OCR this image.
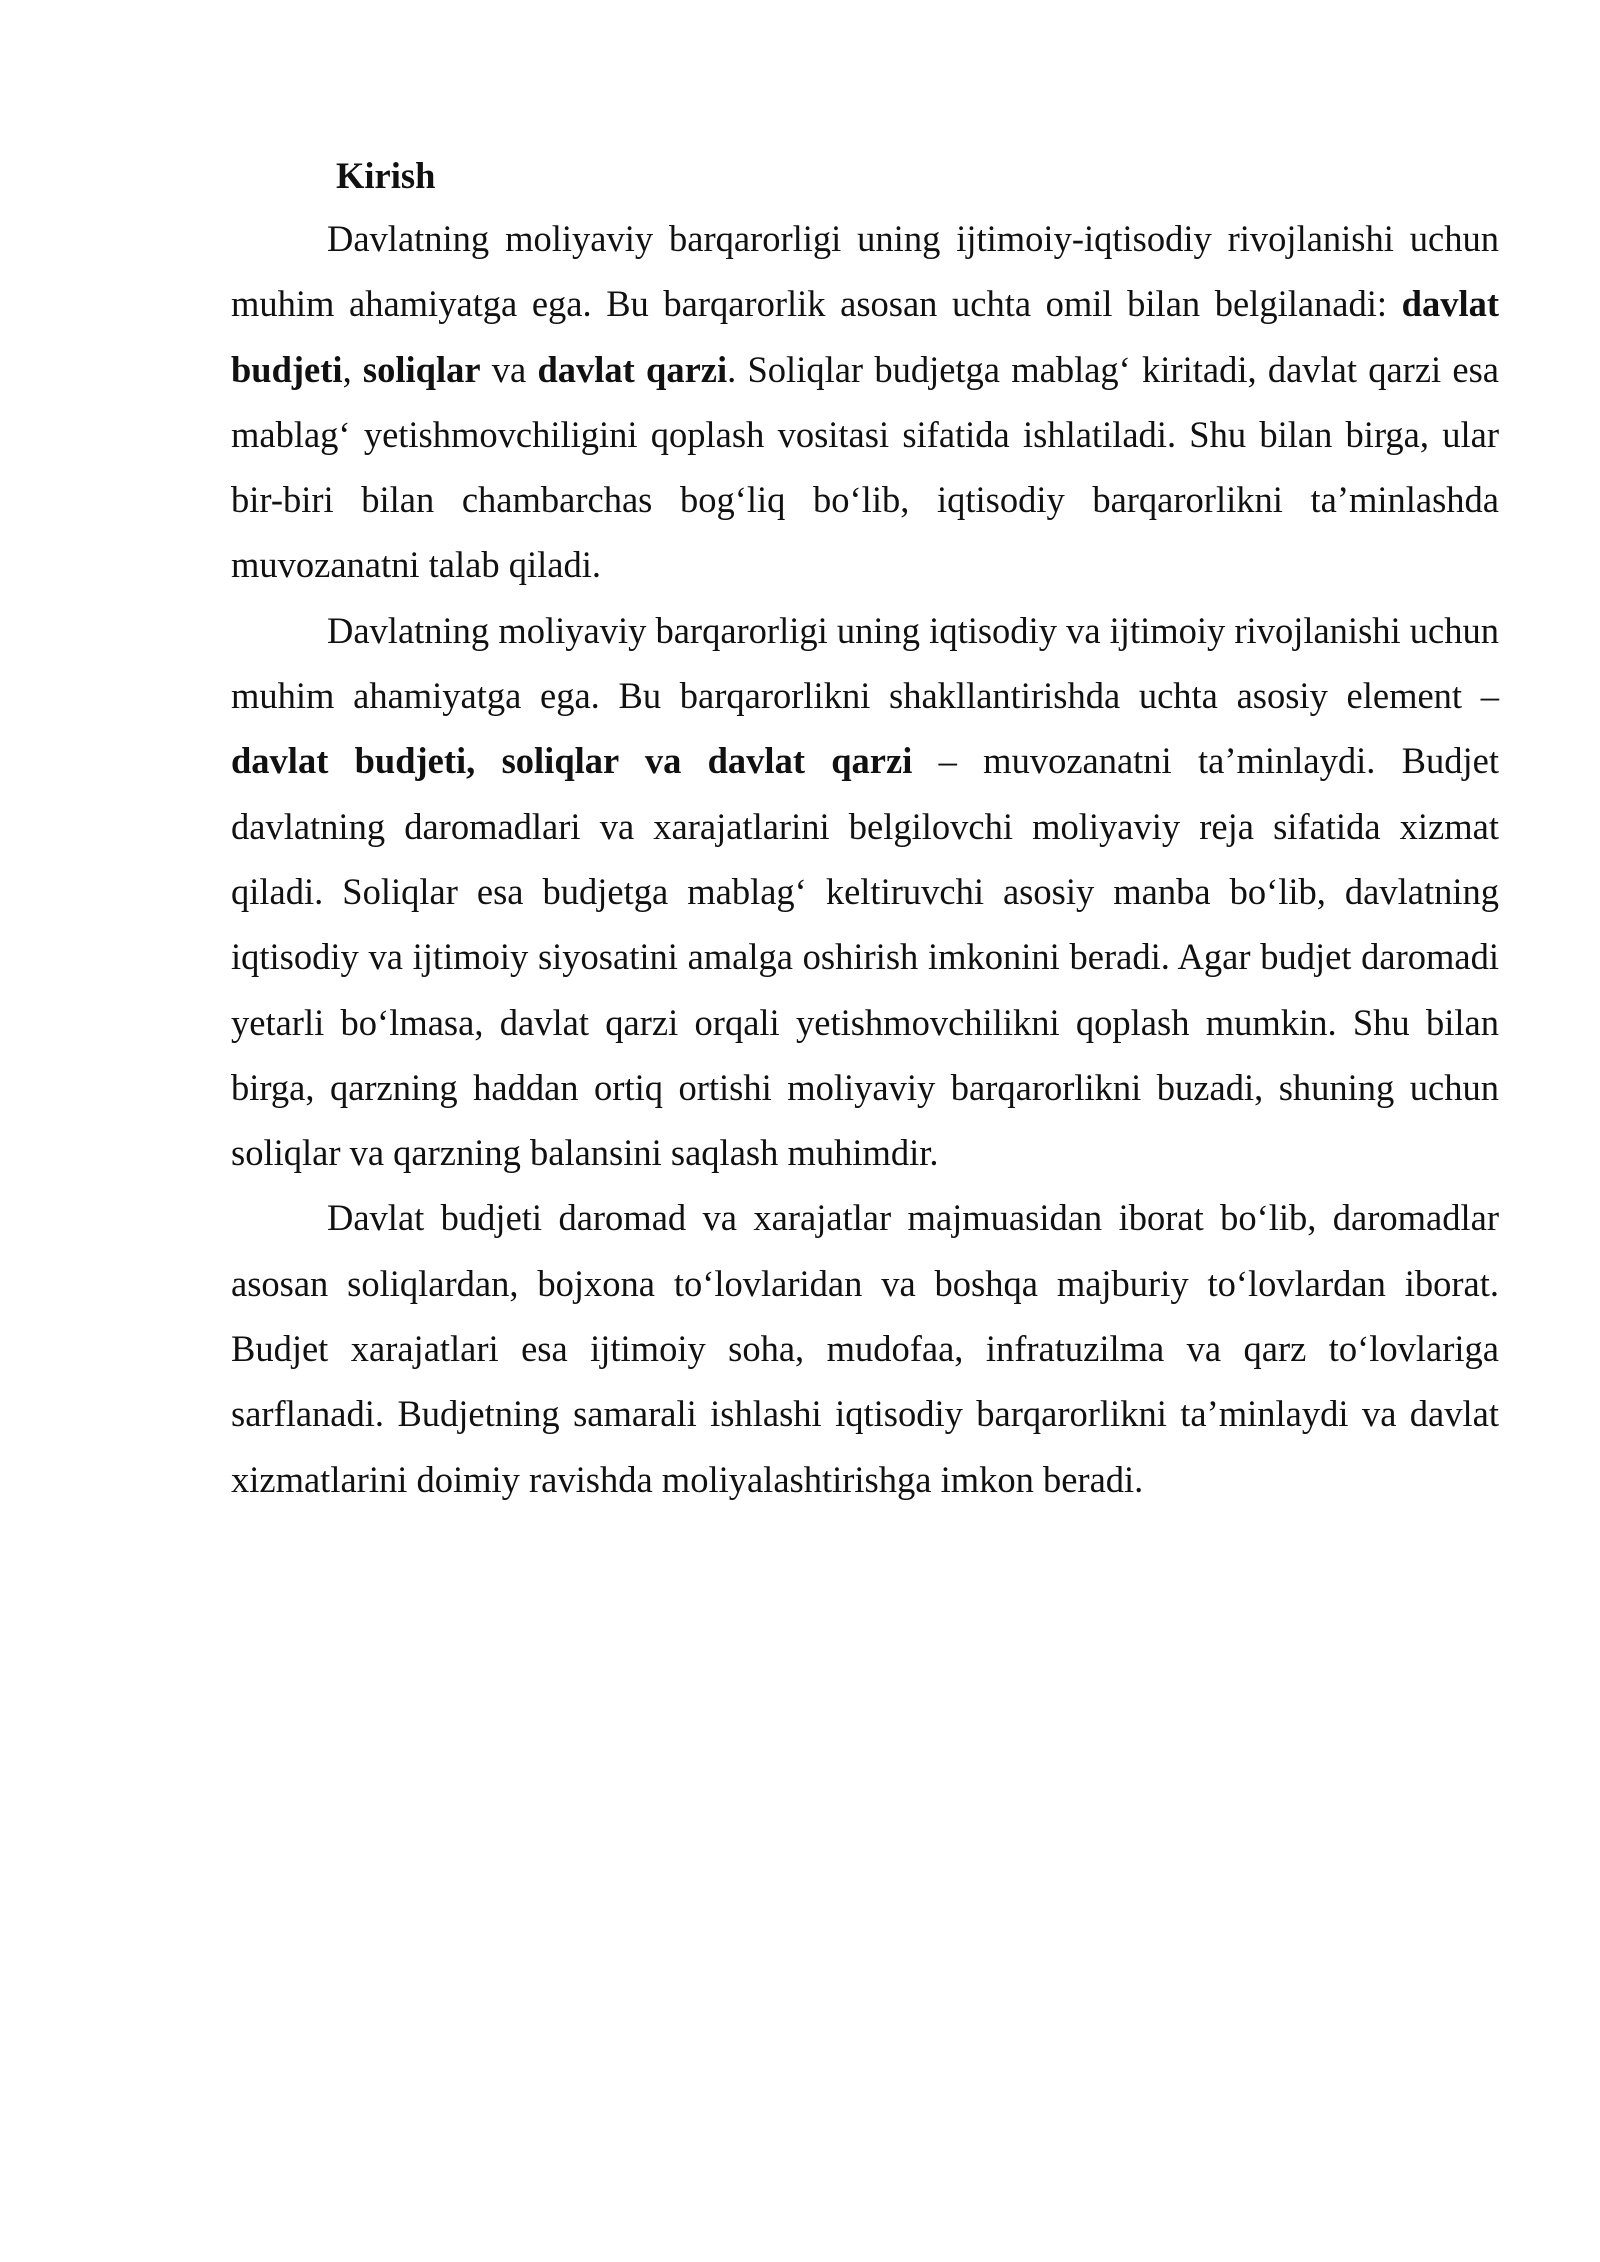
Kirish

Davlatning moliyaviy barqarorligi uning ijtimoiy-iqtisodiy rivojlanishi uchun muhim ahamiyatga ega. Bu barqarorlik asosan uchta omil bilan belgilanadi: davlat budjeti, soliqlar va davlat qarzi. Soliqlar budjetga mablag‘ kiritadi, davlat qarzi esa mablag‘ yetishmovchiligini qoplash vositasi sifatida ishlatiladi. Shu bilan birga, ular bir-biri bilan chambarchas bog‘liq bo‘lib, iqtisodiy barqarorlikni ta’minlashda muvozanatni talab qiladi.

Davlatning moliyaviy barqarorligi uning iqtisodiy va ijtimoiy rivojlanishi uchun muhim ahamiyatga ega. Bu barqarorlikni shakllantirishda uchta asosiy element – davlat budjeti, soliqlar va davlat qarzi – muvozanatni ta’minlaydi. Budjet davlatning daromadlari va xarajatlarini belgilovchi moliyaviy reja sifatida xizmat qiladi. Soliqlar esa budjetga mablag‘ keltiruvchi asosiy manba bo‘lib, davlatning iqtisodiy va ijtimoiy siyosatini amalga oshirish imkonini beradi. Agar budjet daromadi yetarli bo‘lmasa, davlat qarzi orqali yetishmovchilikni qoplash mumkin. Shu bilan birga, qarzning haddan ortiq ortishi moliyaviy barqarorlikni buzadi, shuning uchun soliqlar va qarzning balansini saqlash muhimdir.

Davlat budjeti daromad va xarajatlar majmuasidan iborat bo‘lib, daromadlar asosan soliqlardan, bojxona to‘lovlaridan va boshqa majburiy to‘lovlardan iborat. Budjet xarajatlari esa ijtimoiy soha, mudofaa, infratuzilma va qarz to‘lovlariga sarflanadi. Budjetning samarali ishlashi iqtisodiy barqarorlikni ta’minlaydi va davlat xizmatlarini doimiy ravishda moliyalashtirishga imkon beradi.
